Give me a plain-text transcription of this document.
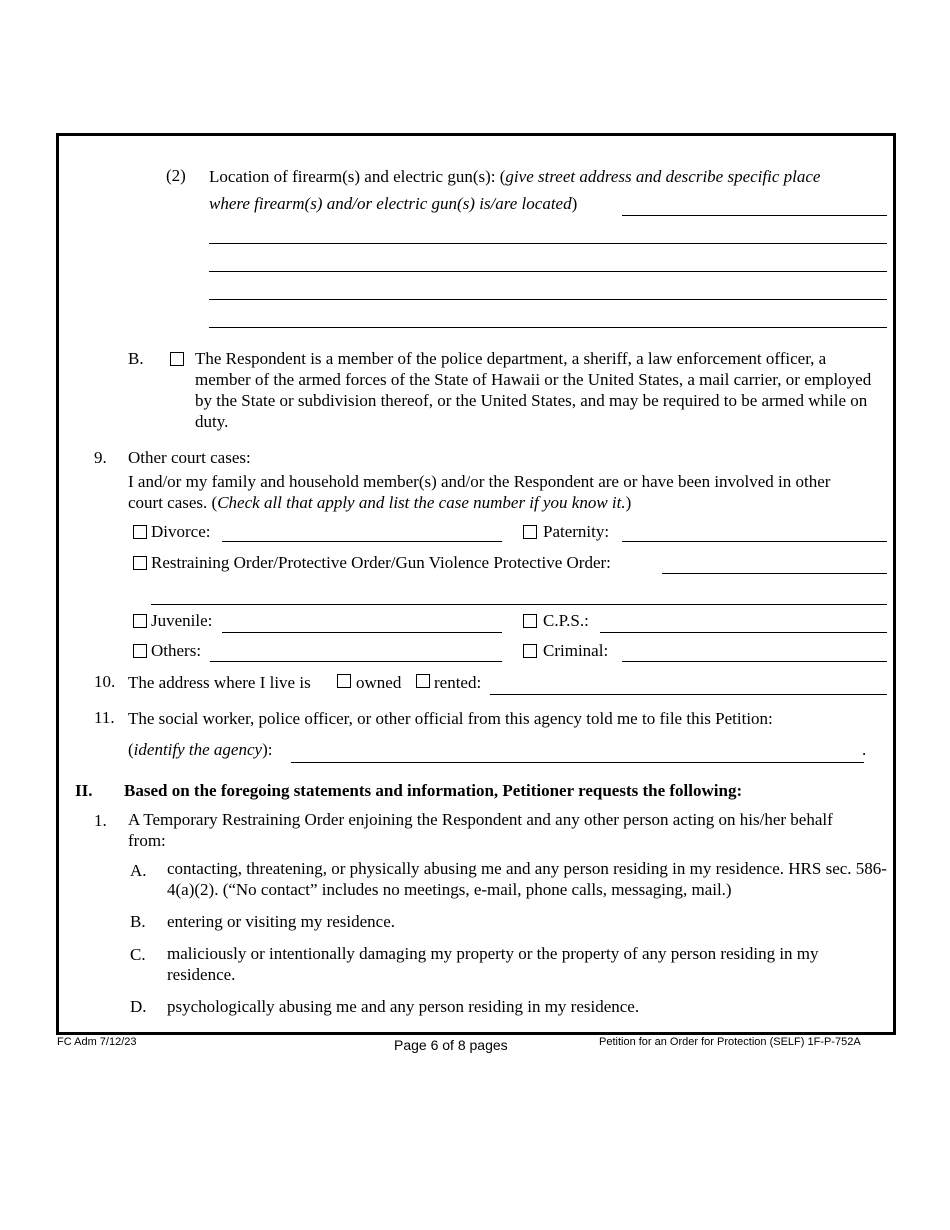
(2) Location of firearm(s) and electric gun(s): (give street address and describe specific place
where firearm(s) and/or electric gun(s) is/are located)
B.	The Respondent is a member of the police department, a sheriff, a law enforcement officer, a member of the armed forces of the State of Hawaii or the United States, a mail carrier, or employed by the State or subdivision thereof, or the United States, and may be required to be armed while on duty.
9. Other court cases:
I and/or my family and household member(s) and/or the Respondent are or have been involved in other
court cases. (Check all that apply and list the case number if you know it.)
Divorce:	Paternity:
Restraining Order/Protective Order/Gun Violence Protective Order:
Juvenile:	C.P.S.:
Others:	Criminal:
10. The address where I live is	owned rented:
11. The social worker, police officer, or other official from this agency told me to file this Petition:
(identify the agency):	.
II. Based on the foregoing statements and information, Petitioner requests the following:
1. A Temporary Restraining Order enjoining the Respondent and any other person acting on his/her behalf from:
A. contacting, threatening, or physically abusing me and any person residing in my residence. HRS sec. 586-4(a)(2). (“No contact” includes no meetings, e-mail, phone calls, messaging, mail.)
B. entering or visiting my residence.
C. maliciously or intentionally damaging my property or the property of any person residing in my residence.
D. psychologically abusing me and any person residing in my residence.
FC Adm 7/12/23	Page 6 of 8 pages	Petition for an Order for Protection (SELF) 1F-P-752A
